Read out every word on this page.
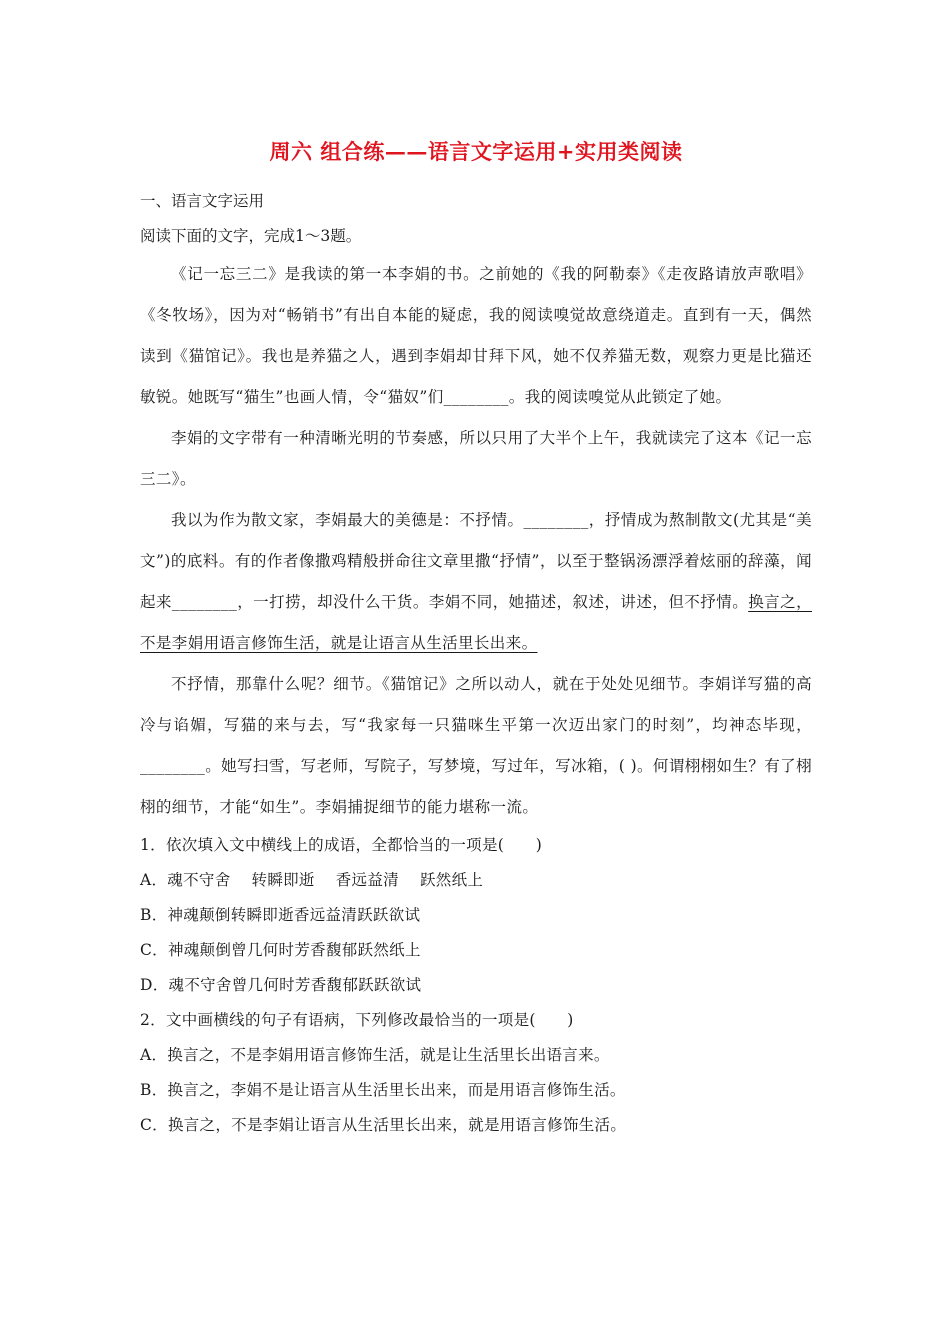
周六 组合练——语言文字运用+实用类阅读
一、语言文字运用
阅读下面的文字，完成1～3题。
《记一忘三二》是我读的第一本李娟的书。之前她的《我的阿勒泰》《走夜路请放声歌唱》《冬牧场》，因为对“畅销书”有出自本能的疑虑，我的阅读嗅觉故意绕道走。直到有一天，偶然读到《猫馆记》。我也是养猫之人，遇到李娟却甘拜下风，她不仅养猫无数，观察力更是比猫还敏锐。她既写“猫生”也画人情，令“猫奴”们________。我的阅读嗅觉从此锁定了她。
李娟的文字带有一种清晰光明的节奏感，所以只用了大半个上午，我就读完了这本《记一忘三二》。
我以为作为散文家，李娟最大的美德是：不抒情。________，抒情成为熬制散文(尤其是“美文”)的底料。有的作者像撒鸡精般拼命往文章里撒“抒情”，以至于整锅汤漂浮着炫丽的辞藻，闻起来________，一打捞，却没什么干货。李娟不同，她描述，叙述，讲述，但不抒情。换言之，不是李娟用语言修饰生活，就是让语言从生活里长出来。
不抒情，那靠什么呢？细节。《猫馆记》之所以动人，就在于处处见细节。李娟详写猫的高冷与谄媚，写猫的来与去，写“我家每一只猫咪生平第一次迈出家门的时刻”，均神态毕现，________。她写扫雪，写老师，写院子，写梦境，写过年，写冰箱，( )。何谓栩栩如生？有了栩栩的细节，才能“如生”。李娟捕捉细节的能力堪称一流。
1．依次填入文中横线上的成语，全都恰当的一项是(　　)
A．魂不守舍　 转瞬即逝　 香远益清　 跃然纸上
B．神魂颠倒转瞬即逝香远益清跃跃欲试
C．神魂颠倒曾几何时芳香馥郁跃然纸上
D．魂不守舍曾几何时芳香馥郁跃跃欲试
2．文中画横线的句子有语病，下列修改最恰当的一项是(　　)
A．换言之，不是李娟用语言修饰生活，就是让生活里长出语言来。
B．换言之，李娟不是让语言从生活里长出来，而是用语言修饰生活。
C．换言之，不是李娟让语言从生活里长出来，就是用语言修饰生活。
